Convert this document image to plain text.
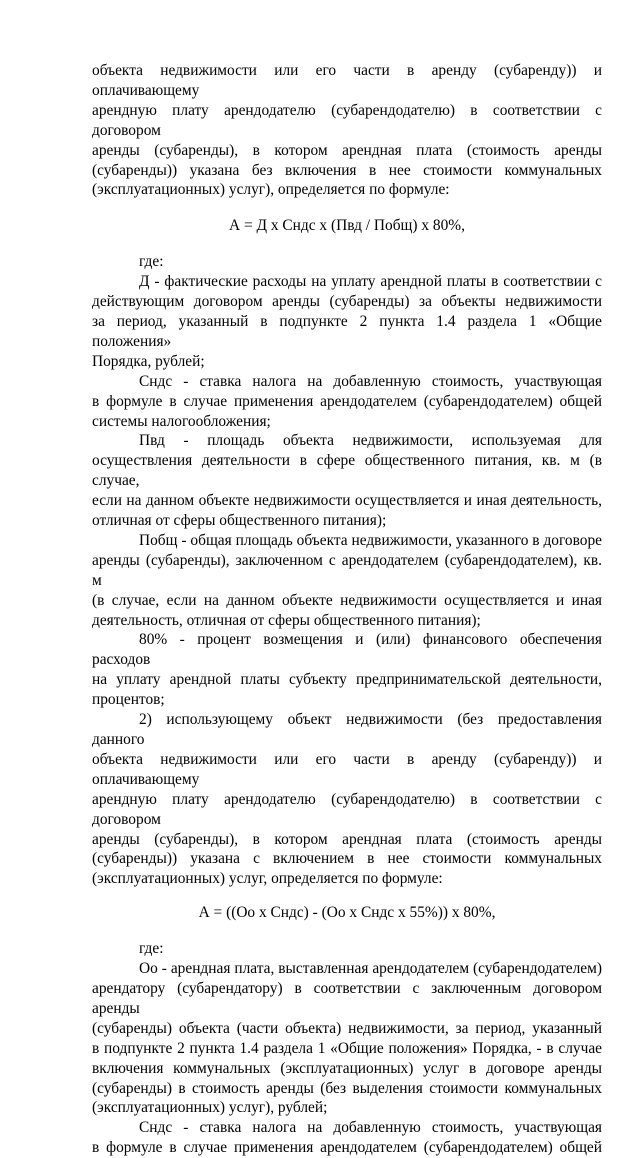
объекта недвижимости или его части в аренду (субаренду)) и оплачивающему

арендную плату арендодателю (субарендодателю) в соответствии с договором

аренды (субаренды), в котором арендная плата (стоимость аренды

(субаренды)) указана без включения в нее стоимости коммунальных

(эксплуатационных) услуг), определяется по формуле:

А = Д х Сндс х (Пвд / Побщ) х 80%,

где:

Д - фактические расходы на уплату арендной платы в соответствии с

действующим договором аренды (субаренды) за объекты недвижимости

за период, указанный в подпункте 2 пункта 1.4 раздела 1 «Общие положения»

Порядка, рублей;

Сндс - ставка налога на добавленную стоимость, участвующая

в формуле в случае применения арендодателем (субарендодателем) общей

системы налогообложения;

Пвд - площадь объекта недвижимости, используемая для

осуществления деятельности в сфере общественного питания, кв. м (в случае,

если на данном объекте недвижимости осуществляется и иная деятельность,

отличная от сферы общественного питания);

Побщ - общая площадь объекта недвижимости, указанного в договоре

аренды (субаренды), заключенном с арендодателем (субарендодателем), кв. м

(в случае, если на данном объекте недвижимости осуществляется и иная

деятельность, отличная от сферы общественного питания);

80% - процент возмещения и (или) финансового обеспечения расходов

на уплату арендной платы субъекту предпринимательской деятельности,

процентов;

2) использующему объект недвижимости (без предоставления данного

объекта недвижимости или его части в аренду (субаренду)) и оплачивающему

арендную плату арендодателю (субарендодателю) в соответствии с договором

аренды (субаренды), в котором арендная плата (стоимость аренды

(субаренды)) указана с включением в нее стоимости коммунальных

(эксплуатационных) услуг, определяется по формуле:

А = ((Оо х Сндс) - (Оо х Сндс х 55%)) х 80%,

где:

Оо - арендная плата, выставленная арендодателем (субарендодателем)

арендатору (субарендатору) в соответствии с заключенным договором аренды

(субаренды) объекта (части объекта) недвижимости, за период, указанный

в подпункте 2 пункта 1.4 раздела 1 «Общие положения» Порядка, - в случае

включения коммунальных (эксплуатационных) услуг в договоре аренды

(субаренды) в стоимость аренды (без выделения стоимости коммунальных

(эксплуатационных) услуг), рублей;

Сндс - ставка налога на добавленную стоимость, участвующая

в формуле в случае применения арендодателем (субарендодателем) общей
